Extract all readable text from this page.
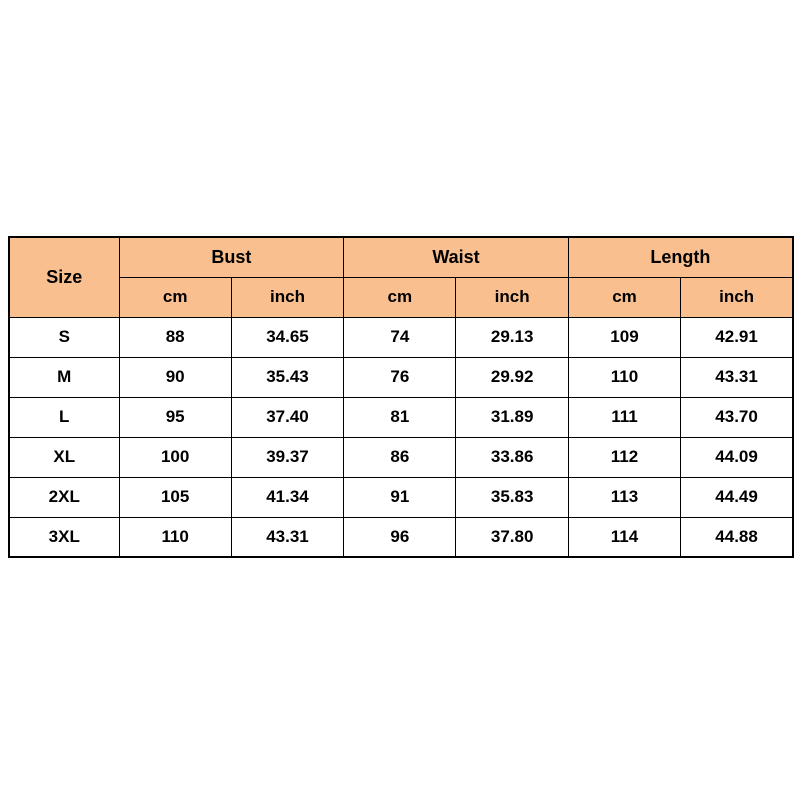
Size	Bust		Waist		Length	
	cm	inch	cm	inch	cm	inch
S	88	34.65	74	29.13	109	42.91
M	90	35.43	76	29.92	110	43.31
L	95	37.40	81	31.89	111	43.70
XL	100	39.37	86	33.86	112	44.09
2XL	105	41.34	91	35.83	113	44.49
3XL	110	43.31	96	37.80	114	44.88
